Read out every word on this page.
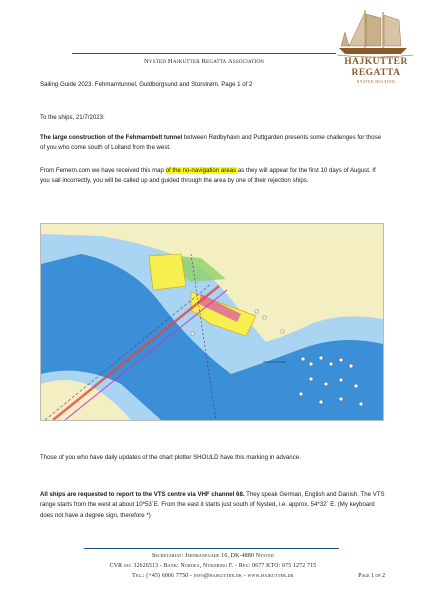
HAJKUTTER
REGATTA
NYSTED HOLSTED
Nysted Hajkutter Regatta Association
Sailing Guide 2023. Fehmarntunnel, Guldborgsund and Storstrøm. Page 1 of 2
To the ships, 21/7/2023:
The large construction of the Fehmarnbelt tunnel between Rødbyhavn and Puttgarden presents some challenges for those of you who come south of Lolland from the west.
From Femern.com we have received this map of the no-navigation areas as they will appear for the first 10 days of August. If you sail incorrectly, you will be called up and guided through the area by one of their rejection ships.
VTS Fehmarn Belt
Those of you who have daily updates of the chart plotter SHOULD have this marking in advance.
All ships are requested to report to the VTS centre via VHF channel 68. They speak German, English and Danish. The VTS range starts from the west at about 10*53´E. From the east it starts just south of Nysted, i.e. approx. 54*32´ E. (My keyboard does not have a degree sign, therefore *)
Secretariat: Jernbanegade 16, DK-4880 Nysted
CVR no: 32626513 - Bank: Nordea, Nykøbing F. - Reg: 0677 KTO: 075 1272 715
Tel.: (+45) 6066 7750 - info@hajkutter.dk - www.hajkutter.dk	Page 1 of 2
